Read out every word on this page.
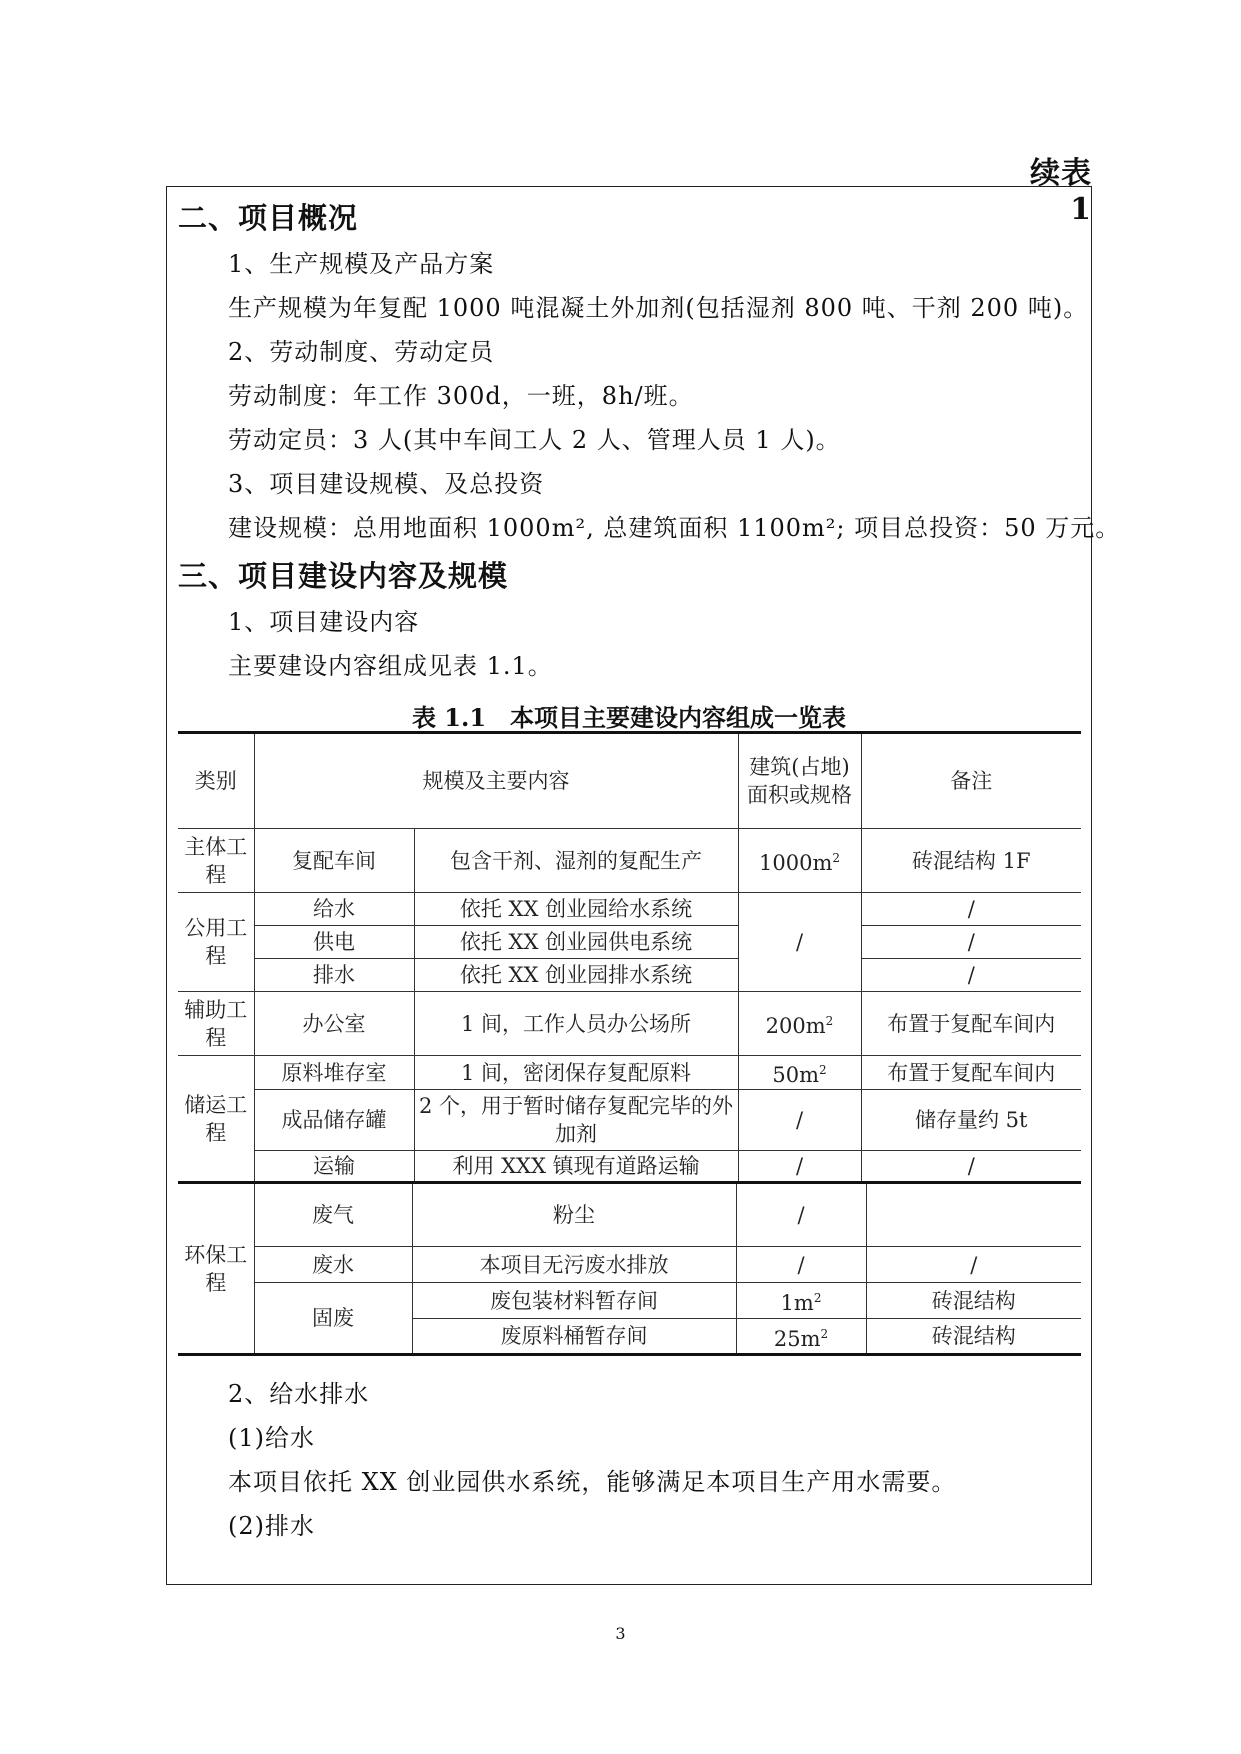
续表 1
二、项目概况
1、生产规模及产品方案
生产规模为年复配 1000 吨混凝土外加剂(包括湿剂 800 吨、干剂 200 吨)。
2、劳动制度、劳动定员
劳动制度：年工作 300d，一班，8h/班。
劳动定员：3 人(其中车间工人 2 人、管理人员 1 人)。
3、项目建设规模、及总投资
建设规模：总用地面积 1000m², 总建筑面积 1100m²; 项目总投资：50 万元。
三、项目建设内容及规模
1、项目建设内容
主要建设内容组成见表 1.1。
表 1.1　本项目主要建设内容组成一览表
类别	规模及主要内容		建筑(占地)面积或规格	备注
主体工程	复配车间	包含干剂、湿剂的复配生产	$1000m^2$	砖混结构 1F
公用工程	给水	依托 XX 创业园给水系统	/	/
	供电	依托 XX 创业园供电系统		/
	排水	依托 XX 创业园排水系统		/
辅助工程	办公室	1 间，工作人员办公场所	$200m^2$	布置于复配车间内
储运工程	原料堆存室	1 间，密闭保存复配原料	$50m^2$	布置于复配车间内
	成品储存罐	2 个，用于暂时储存复配完毕的外加剂	/	储存量约 5t
	运输	利用 XXX 镇现有道路运输	/	/
环保工程	废气	粉尘	/	
	废水	本项目无污废水排放	/	/
	固废	废包装材料暂存间	$1m^2$	砖混结构
		废原料桶暂存间	$25m^2$	砖混结构
2、给水排水
(1)给水
本项目依托 XX 创业园供水系统，能够满足本项目生产用水需要。
(2)排水
3
